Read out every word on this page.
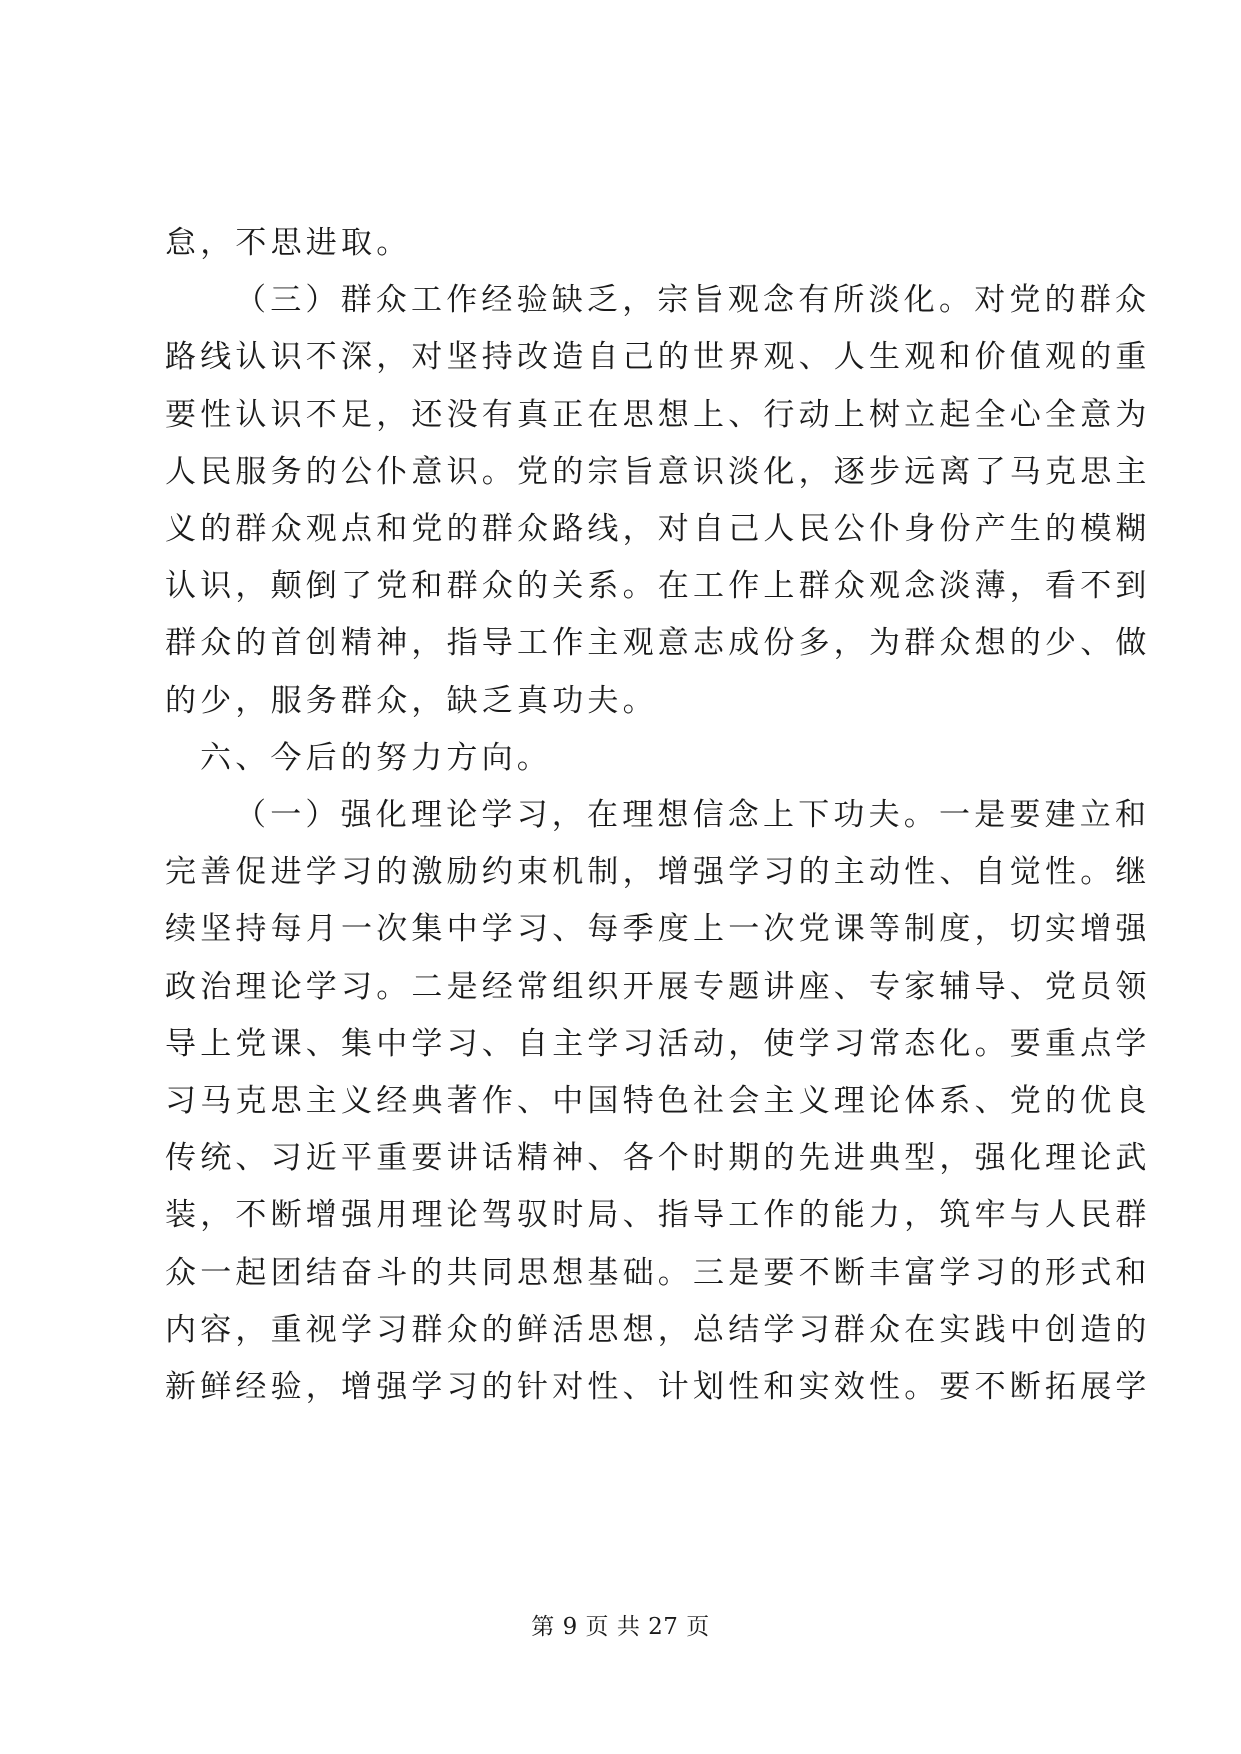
怠，不思进取。
（三）群众工作经验缺乏，宗旨观念有所淡化。对党的群众
路线认识不深，对坚持改造自己的世界观、人生观和价值观的重
要性认识不足，还没有真正在思想上、行动上树立起全心全意为
人民服务的公仆意识。党的宗旨意识淡化，逐步远离了马克思主
义的群众观点和党的群众路线，对自己人民公仆身份产生的模糊
认识，颠倒了党和群众的关系。在工作上群众观念淡薄，看不到
群众的首创精神，指导工作主观意志成份多，为群众想的少、做
的少，服务群众，缺乏真功夫。
六、今后的努力方向。
（一）强化理论学习，在理想信念上下功夫。一是要建立和
完善促进学习的激励约束机制，增强学习的主动性、自觉性。继
续坚持每月一次集中学习、每季度上一次党课等制度，切实增强
政治理论学习。二是经常组织开展专题讲座、专家辅导、党员领
导上党课、集中学习、自主学习活动，使学习常态化。要重点学
习马克思主义经典著作、中国特色社会主义理论体系、党的优良
传统、习近平重要讲话精神、各个时期的先进典型，强化理论武
装，不断增强用理论驾驭时局、指导工作的能力，筑牢与人民群
众一起团结奋斗的共同思想基础。三是要不断丰富学习的形式和
内容，重视学习群众的鲜活思想，总结学习群众在实践中创造的
新鲜经验，增强学习的针对性、计划性和实效性。要不断拓展学
第 9 页 共 27 页
